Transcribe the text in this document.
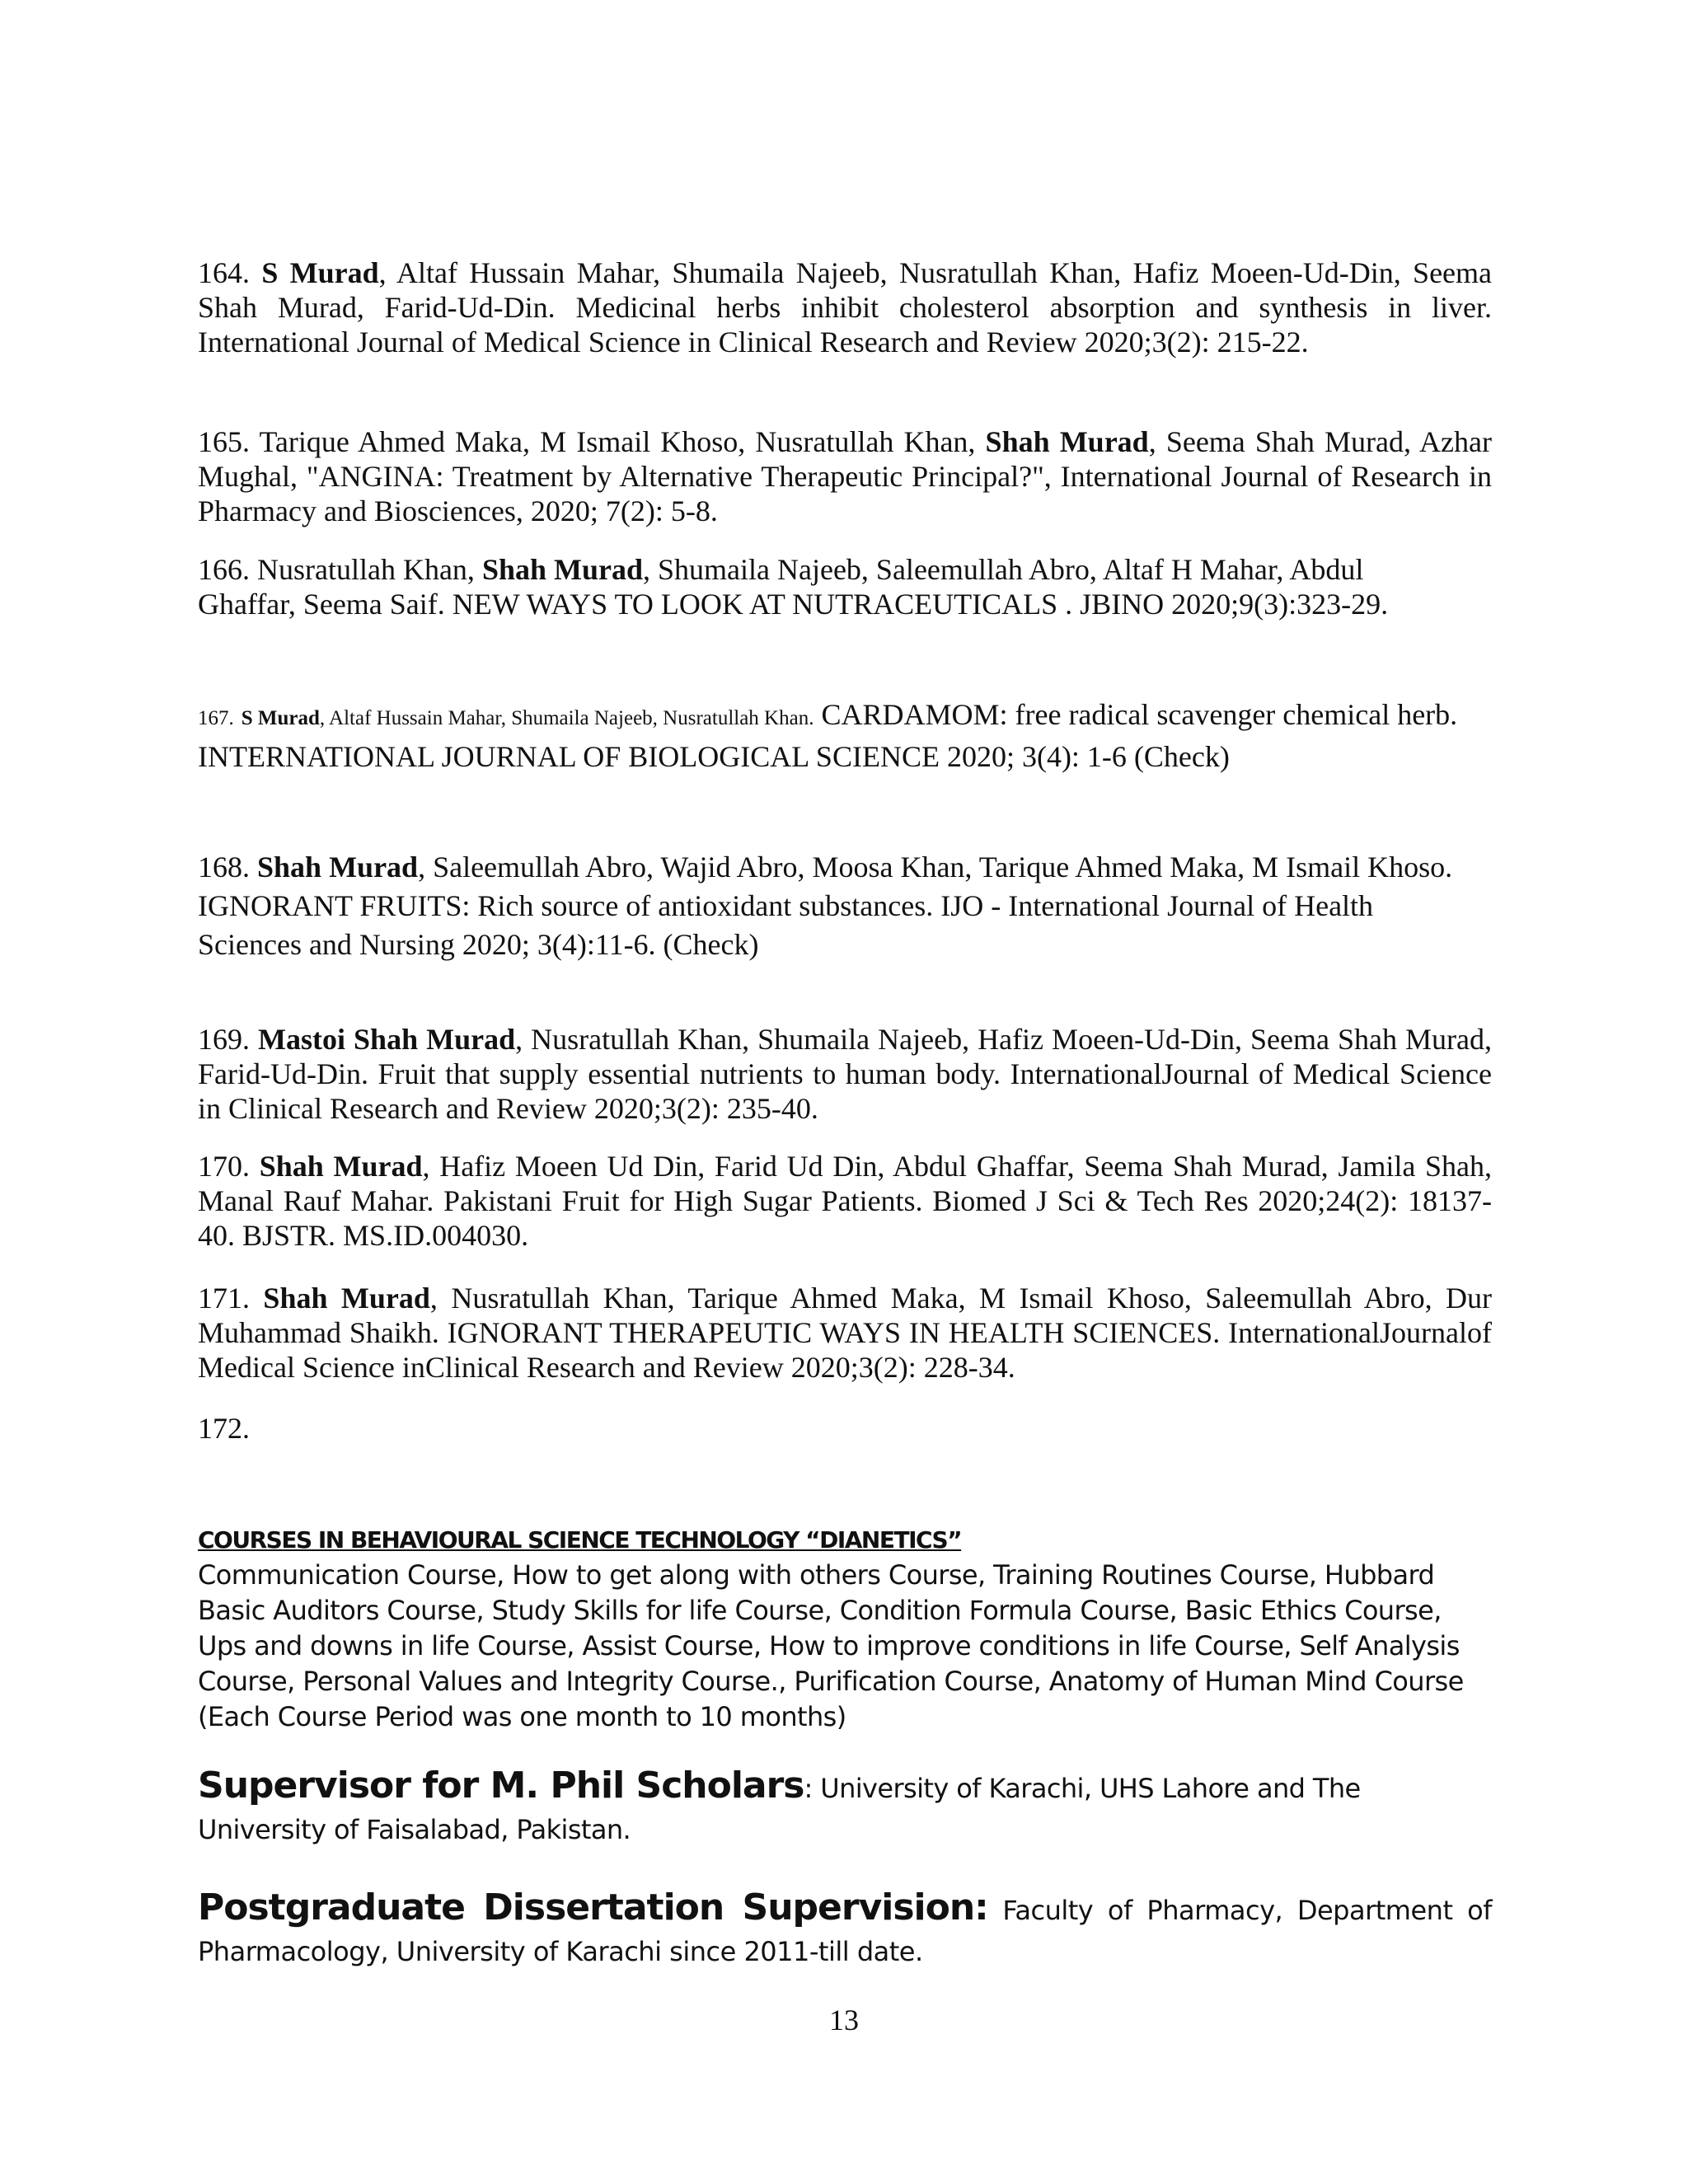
164. S Murad, Altaf Hussain Mahar, Shumaila Najeeb, Nusratullah Khan, Hafiz Moeen-Ud-Din, Seema Shah Murad, Farid-Ud-Din. Medicinal herbs inhibit cholesterol absorption and synthesis in liver. International Journal of Medical Science in Clinical Research and Review 2020;3(2): 215-22.

165. Tarique Ahmed Maka, M Ismail Khoso, Nusratullah Khan, Shah Murad, Seema Shah Murad, Azhar Mughal, "ANGINA: Treatment by Alternative Therapeutic Principal?", International Journal of Research in Pharmacy and Biosciences, 2020; 7(2): 5-8.

166. Nusratullah Khan, Shah Murad, Shumaila Najeeb, Saleemullah Abro, Altaf H Mahar, Abdul Ghaffar, Seema Saif. NEW WAYS TO LOOK AT NUTRACEUTICALS . JBINO 2020;9(3):323-29.

167. S Murad, Altaf Hussain Mahar, Shumaila Najeeb, Nusratullah Khan. CARDAMOM: free radical scavenger chemical herb. INTERNATIONAL JOURNAL OF BIOLOGICAL SCIENCE 2020; 3(4): 1-6 (Check)

168. Shah Murad, Saleemullah Abro, Wajid Abro, Moosa Khan, Tarique Ahmed Maka, M Ismail Khoso. IGNORANT FRUITS: Rich source of antioxidant substances. IJO - International Journal of Health Sciences and Nursing 2020; 3(4):11-6. (Check)

169. Mastoi Shah Murad, Nusratullah Khan, Shumaila Najeeb, Hafiz Moeen-Ud-Din, Seema Shah Murad, Farid-Ud-Din. Fruit that supply essential nutrients to human body. InternationalJournal of Medical Science in Clinical Research and Review 2020;3(2): 235-40.

170. Shah Murad, Hafiz Moeen Ud Din, Farid Ud Din, Abdul Ghaffar, Seema Shah Murad, Jamila Shah, Manal Rauf Mahar. Pakistani Fruit for High Sugar Patients. Biomed J Sci & Tech Res 2020;24(2): 18137-40. BJSTR. MS.ID.004030.

171. Shah Murad, Nusratullah Khan, Tarique Ahmed Maka, M Ismail Khoso, Saleemullah Abro, Dur Muhammad Shaikh. IGNORANT THERAPEUTIC WAYS IN HEALTH SCIENCES. InternationalJournalof Medical Science inClinical Research and Review 2020;3(2): 228-34.

172.

COURSES IN BEHAVIOURAL SCIENCE TECHNOLOGY “DIANETICS”

Communication Course, How to get along with others Course, Training Routines Course, Hubbard Basic Auditors Course, Study Skills for life Course, Condition Formula Course, Basic Ethics Course, Ups and downs in life Course, Assist Course, How to improve conditions in life Course, Self Analysis Course, Personal Values and Integrity Course., Purification Course, Anatomy of Human Mind Course (Each Course Period was one month to 10 months)

Supervisor for M. Phil Scholars: University of Karachi, UHS Lahore and The University of Faisalabad, Pakistan.

Postgraduate Dissertation Supervision: Faculty of Pharmacy, Department of Pharmacology, University of Karachi since 2011-till date.

13
